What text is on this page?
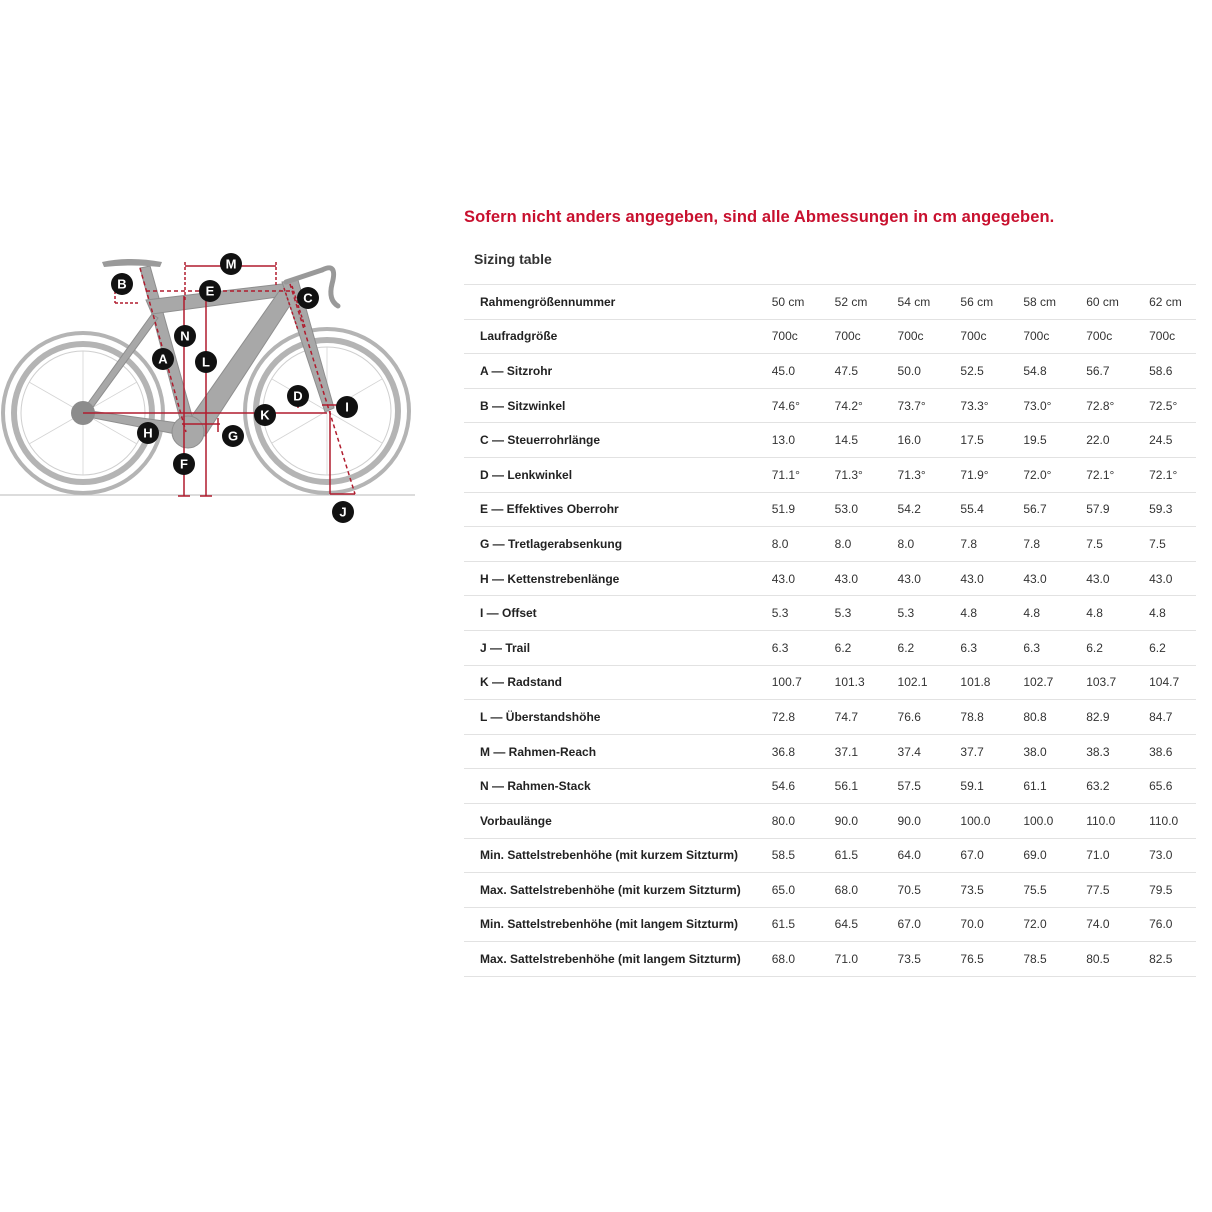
M
B	E	C
N
A	L
D
I
K
H	G
F
J
Sofern nicht anders angegeben, sind alle Abmessungen in cm angegeben.
Sizing table
Rahmengrößennummer	50 cm	52 cm	54 cm	56 cm	58 cm	60 cm	62 cm
Laufradgröße	700c	700c	700c	700c	700c	700c	700c
A — Sitzrohr	45.0	47.5	50.0	52.5	54.8	56.7	58.6
B — Sitzwinkel	74.6°	74.2°	73.7°	73.3°	73.0°	72.8°	72.5°
C — Steuerrohrlänge	13.0	14.5	16.0	17.5	19.5	22.0	24.5
D — Lenkwinkel	71.1°	71.3°	71.3°	71.9°	72.0°	72.1°	72.1°
E — Effektives Oberrohr	51.9	53.0	54.2	55.4	56.7	57.9	59.3
G — Tretlagerabsenkung	8.0	8.0	8.0	7.8	7.8	7.5	7.5
H — Kettenstrebenlänge	43.0	43.0	43.0	43.0	43.0	43.0	43.0
I — Offset	5.3	5.3	5.3	4.8	4.8	4.8	4.8
J — Trail	6.3	6.2	6.2	6.3	6.3	6.2	6.2
K — Radstand	100.7	101.3	102.1	101.8	102.7	103.7	104.7
L — Überstandshöhe	72.8	74.7	76.6	78.8	80.8	82.9	84.7
M — Rahmen-Reach	36.8	37.1	37.4	37.7	38.0	38.3	38.6
N — Rahmen-Stack	54.6	56.1	57.5	59.1	61.1	63.2	65.6
Vorbaulänge	80.0	90.0	90.0	100.0	100.0	110.0	110.0
Min. Sattelstrebenhöhe (mit kurzem Sitzturm)	58.5	61.5	64.0	67.0	69.0	71.0	73.0
Max. Sattelstrebenhöhe (mit kurzem Sitzturm)	65.0	68.0	70.5	73.5	75.5	77.5	79.5
Min. Sattelstrebenhöhe (mit langem Sitzturm)	61.5	64.5	67.0	70.0	72.0	74.0	76.0
Max. Sattelstrebenhöhe (mit langem Sitzturm)	68.0	71.0	73.5	76.5	78.5	80.5	82.5
